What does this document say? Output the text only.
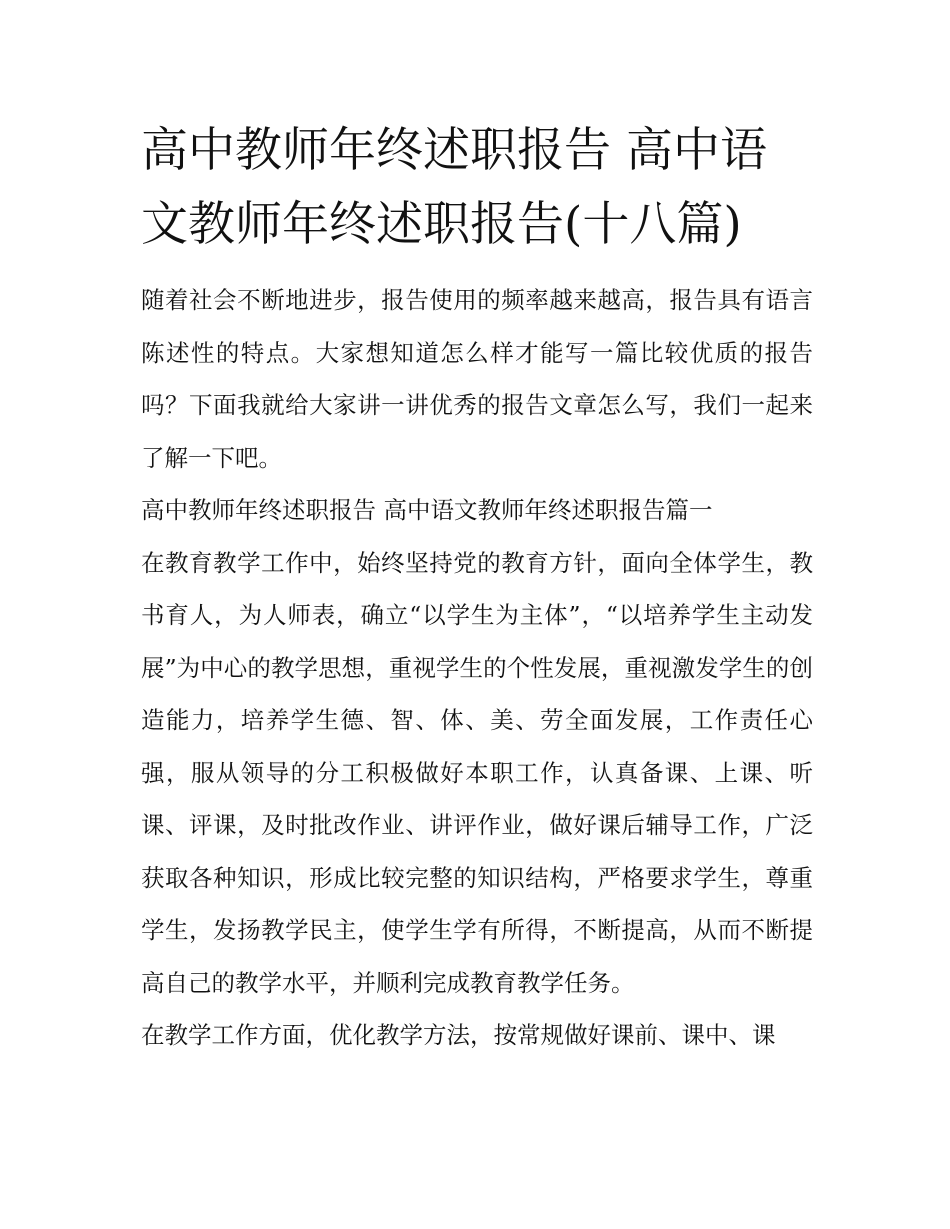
高中教师年终述职报告 高中语文教师年终述职报告(十八篇)

随着社会不断地进步，报告使用的频率越来越高，报告具有语言陈述性的特点。大家想知道怎么样才能写一篇比较优质的报告吗？下面我就给大家讲一讲优秀的报告文章怎么写，我们一起来了解一下吧。

高中教师年终述职报告 高中语文教师年终述职报告篇一

在教育教学工作中，始终坚持党的教育方针，面向全体学生，教书育人，为人师表，确立“以学生为主体”，“以培养学生主动发展”为中心的教学思想，重视学生的个性发展，重视激发学生的创造能力，培养学生德、智、体、美、劳全面发展，工作责任心强，服从领导的分工积极做好本职工作，认真备课、上课、听课、评课，及时批改作业、讲评作业，做好课后辅导工作，广泛获取各种知识，形成比较完整的知识结构，严格要求学生，尊重学生，发扬教学民主，使学生学有所得，不断提高，从而不断提高自己的教学水平，并顺利完成教育教学任务。

在教学工作方面，优化教学方法，按常规做好课前、课中、课
